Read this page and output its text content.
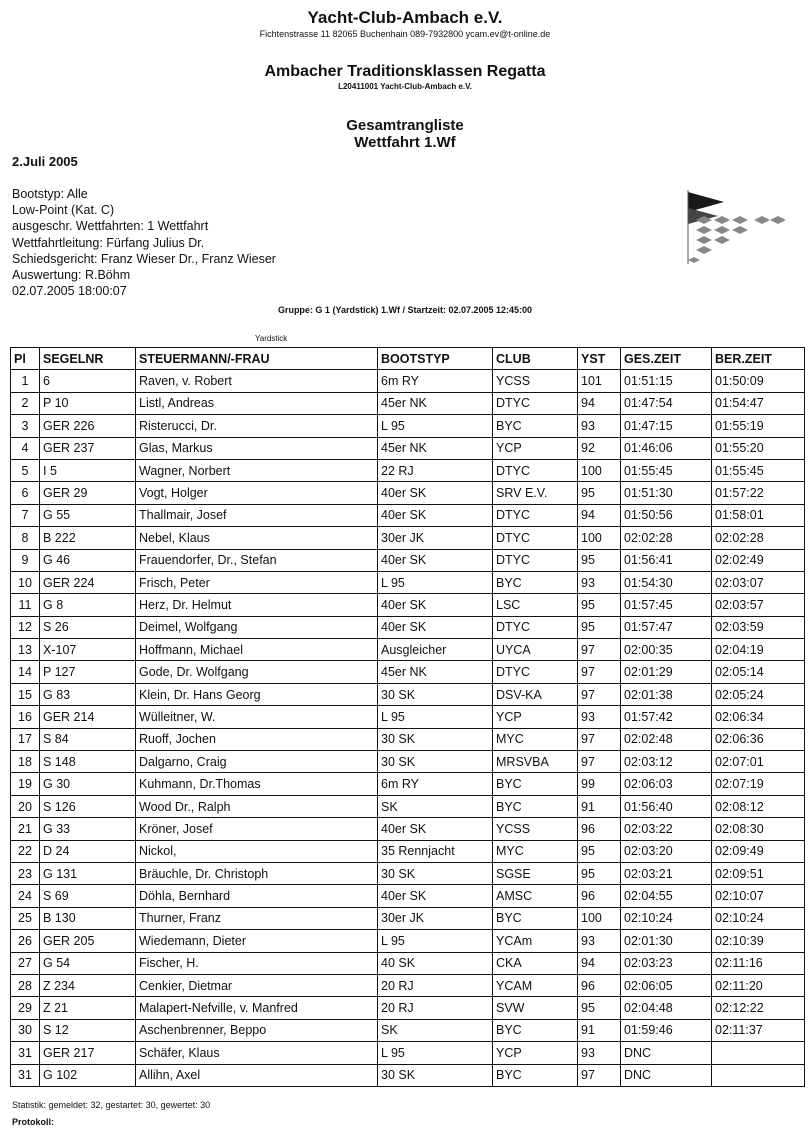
Yacht-Club-Ambach e.V.
Fichtenstrasse 11 82065 Buchenhain 089-7932800 ycam.ev@t-online.de
Ambacher Traditionsklassen Regatta
L20411001 Yacht-Club-Ambach e.V.
Gesamtrangliste
Wettfahrt 1.Wf
2.Juli 2005
Bootstyp: Alle
Low-Point (Kat. C)
ausgeschr. Wettfahrten: 1 Wettfahrt
Wettfahrtleitung: Fürfang Julius Dr.
Schiedsgericht: Franz Wieser Dr., Franz Wieser
Auswertung: R.Böhm
02.07.2005 18:00:07
Gruppe: G 1 (Yardstick) 1.Wf / Startzeit: 02.07.2005 12:45:00
Yardstick
Pl	SEGELNR	STEUERMANN/-FRAU	BOOTSTYP	CLUB	YST	GES.ZEIT	BER.ZEIT
1	6	Raven, v. Robert	6m RY	YCSS	101	01:51:15	01:50:09
2	P 10	Listl, Andreas	45er NK	DTYC	94	01:47:54	01:54:47
3	GER 226	Risterucci, Dr.	L 95	BYC	93	01:47:15	01:55:19
4	GER 237	Glas, Markus	45er NK	YCP	92	01:46:06	01:55:20
5	I 5	Wagner, Norbert	22 RJ	DTYC	100	01:55:45	01:55:45
6	GER 29	Vogt, Holger	40er SK	SRV E.V.	95	01:51:30	01:57:22
7	G 55	Thallmair, Josef	40er SK	DTYC	94	01:50:56	01:58:01
8	B 222	Nebel, Klaus	30er JK	DTYC	100	02:02:28	02:02:28
9	G 46	Frauendorfer, Dr., Stefan	40er SK	DTYC	95	01:56:41	02:02:49
10	GER 224	Frisch, Peter	L 95	BYC	93	01:54:30	02:03:07
11	G 8	Herz, Dr. Helmut	40er SK	LSC	95	01:57:45	02:03:57
12	S 26	Deimel, Wolfgang	40er SK	DTYC	95	01:57:47	02:03:59
13	X-107	Hoffmann, Michael	Ausgleicher	UYCA	97	02:00:35	02:04:19
14	P 127	Gode, Dr. Wolfgang	45er NK	DTYC	97	02:01:29	02:05:14
15	G 83	Klein, Dr. Hans Georg	30 SK	DSV-KA	97	02:01:38	02:05:24
16	GER 214	Wülleitner, W.	L 95	YCP	93	01:57:42	02:06:34
17	S 84	Ruoff, Jochen	30 SK	MYC	97	02:02:48	02:06:36
18	S 148	Dalgarno, Craig	30 SK	MRSVBA	97	02:03:12	02:07:01
19	G 30	Kuhmann, Dr.Thomas	6m RY	BYC	99	02:06:03	02:07:19
20	S 126	Wood Dr., Ralph	SK	BYC	91	01:56:40	02:08:12
21	G 33	Kröner, Josef	40er SK	YCSS	96	02:03:22	02:08:30
22	D 24	Nickol,	35 Rennjacht	MYC	95	02:03:20	02:09:49
23	G 131	Bräuchle, Dr. Christoph	30 SK	SGSE	95	02:03:21	02:09:51
24	S 69	Döhla, Bernhard	40er SK	AMSC	96	02:04:55	02:10:07
25	B 130	Thurner, Franz	30er JK	BYC	100	02:10:24	02:10:24
26	GER 205	Wiedemann, Dieter	L 95	YCAm	93	02:01:30	02:10:39
27	G 54	Fischer, H.	40 SK	CKA	94	02:03:23	02:11:16
28	Z 234	Cenkier, Dietmar	20 RJ	YCAM	96	02:06:05	02:11:20
29	Z 21	Malapert-Nefville, v. Manfred	20 RJ	SVW	95	02:04:48	02:12:22
30	S 12	Aschenbrenner, Beppo	SK	BYC	91	01:59:46	02:11:37
31	GER 217	Schäfer, Klaus	L 95	YCP	93	DNC	
31	G 102	Allihn, Axel	30 SK	BYC	97	DNC	
Statistik: gemeldet: 32, gestartet: 30, gewertet: 30
Protokoll:
